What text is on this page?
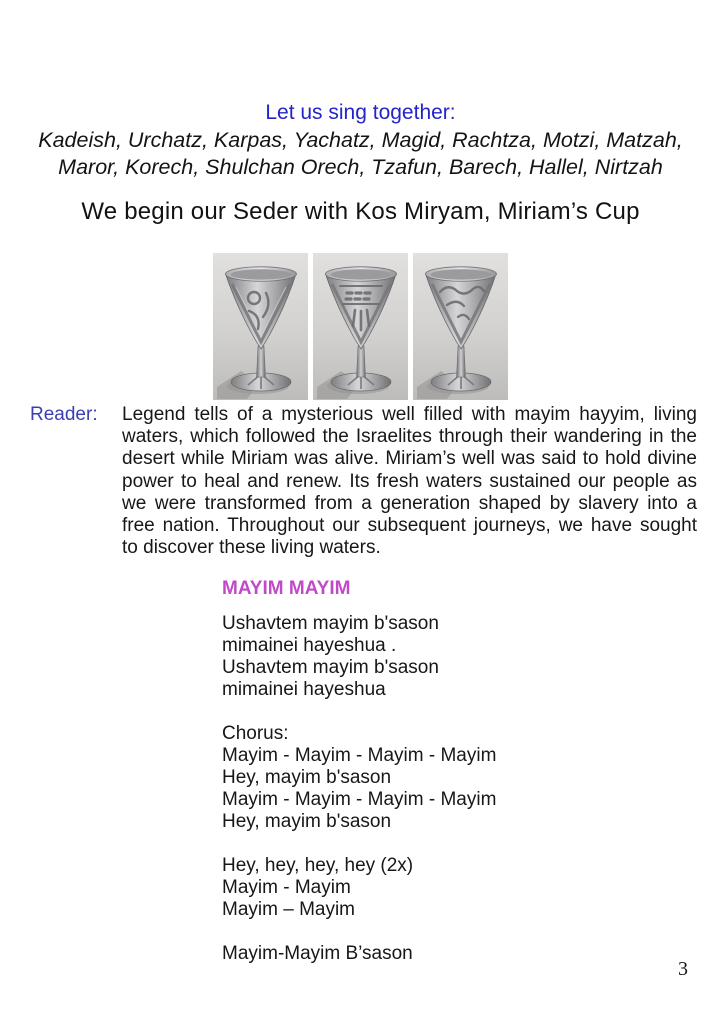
Let us sing together:
Kadeish, Urchatz, Karpas, Yachatz, Magid, Rachtza, Motzi, Matzah,
Maror, Korech, Shulchan Orech, Tzafun, Barech, Hallel, Nirtzah
We begin our Seder with Kos Miryam, Miriam’s Cup
Reader: Legend tells of a mysterious well filled with mayim hayyim, living waters, which followed the Israelites through their wandering in the desert while Miriam was alive. Miriam’s well was said to hold divine power to heal and renew. Its fresh waters sustained our people as we were transformed from a generation shaped by slavery into a free nation. Throughout our subsequent journeys, we have sought to discover these living waters.
MAYIM MAYIM
Ushavtem mayim b'sason
mimainei hayeshua .
Ushavtem mayim b'sason
mimainei hayeshua
Chorus:
Mayim - Mayim - Mayim - Mayim
Hey, mayim b'sason
Mayim - Mayim - Mayim - Mayim
Hey, mayim b'sason
Hey, hey, hey, hey (2x)
Mayim - Mayim
Mayim – Mayim
Mayim-Mayim B’sason
3
